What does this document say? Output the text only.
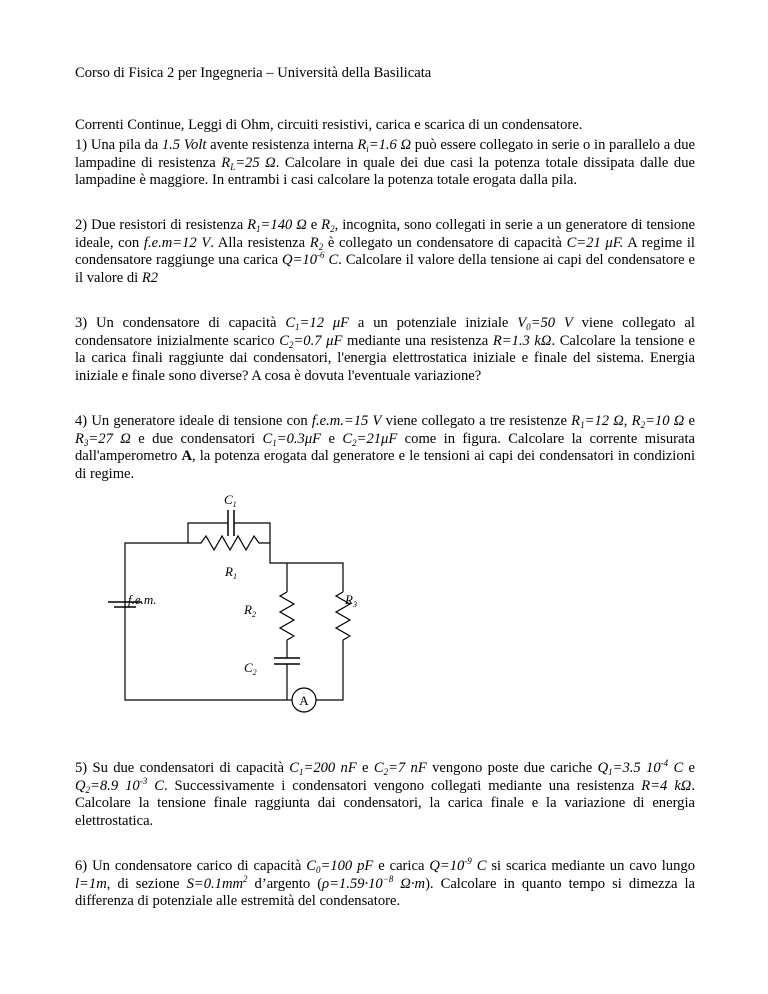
Corso di Fisica 2 per Ingegneria – Università della Basilicata
Correnti Continue, Leggi di Ohm, circuiti resistivi, carica e scarica di un condensatore.

1) Una pila da 1.5 Volt avente resistenza interna $R_i=1.6$ Ω può essere collegato in serie o in parallelo a due lampadine di resistenza $R_L=25$ Ω. Calcolare in quale dei due casi la potenza totale dissipata dalle due lampadine è maggiore. In entrambi i casi calcolare la potenza totale erogata dalla pila.

2) Due resistori di resistenza $R_1=140$ Ω e $R_2$, incognita, sono collegati in serie a un generatore di tensione ideale, con f.e.m=12 V. Alla resistenza $R_2$ è collegato un condensatore di capacità C=21 μF. A regime il condensatore raggiunge una carica $Q=10^{-6}$ C. Calcolare il valore della tensione ai capi del condensatore e il valore di R2

3) Un condensatore di capacità $C_1=12$ μF a un potenziale iniziale $V_0=50$ V viene collegato al condensatore inizialmente scarico $C_2=0.7$ μF mediante una resistenza R=1.3 kΩ. Calcolare la tensione e la carica finali raggiunte dai condensatori, l'energia elettrostatica iniziale e finale del sistema. Energia iniziale e finale sono diverse? A cosa è dovuta l'eventuale variazione?

4) Un generatore ideale di tensione con f.e.m.=15 V viene collegato a tre resistenze $R_1=12$ Ω, $R_2=10$ Ω e $R_3=27$ Ω e due condensatori $C_1=0.3\mu F$ e $C_2=21\mu F$ come in figura. Calcolare la corrente misurata dall'amperometro A, la potenza erogata dal generatore e le tensioni ai capi dei condensatori in condizioni di regime.

$C_1$
$R_1$
f.e.m.
$R_2$
$R_3$
$C_2$
A

5) Su due condensatori di capacità $C_1=200$ nF e $C_2=7$ nF vengono poste due cariche $Q_1=3.5$ $10^{-4}$ C e $Q_2=8.9$ $10^{-3}$ C. Successivamente i condensatori vengono collegati mediante una resistenza R=4 kΩ. Calcolare la tensione finale raggiunta dai condensatori, la carica finale e la variazione di energia elettrostatica.

6) Un condensatore carico di capacità $C_0=100$ pF e carica $Q=10^{-9}$ C si scarica mediante un cavo lungo l=1m, di sezione $S=0.1mm^2$ d’argento ($\rho=1.59\cdot 10^{-8}$ Ω·m). Calcolare in quanto tempo si dimezza la differenza di potenziale alle estremità del condensatore.
